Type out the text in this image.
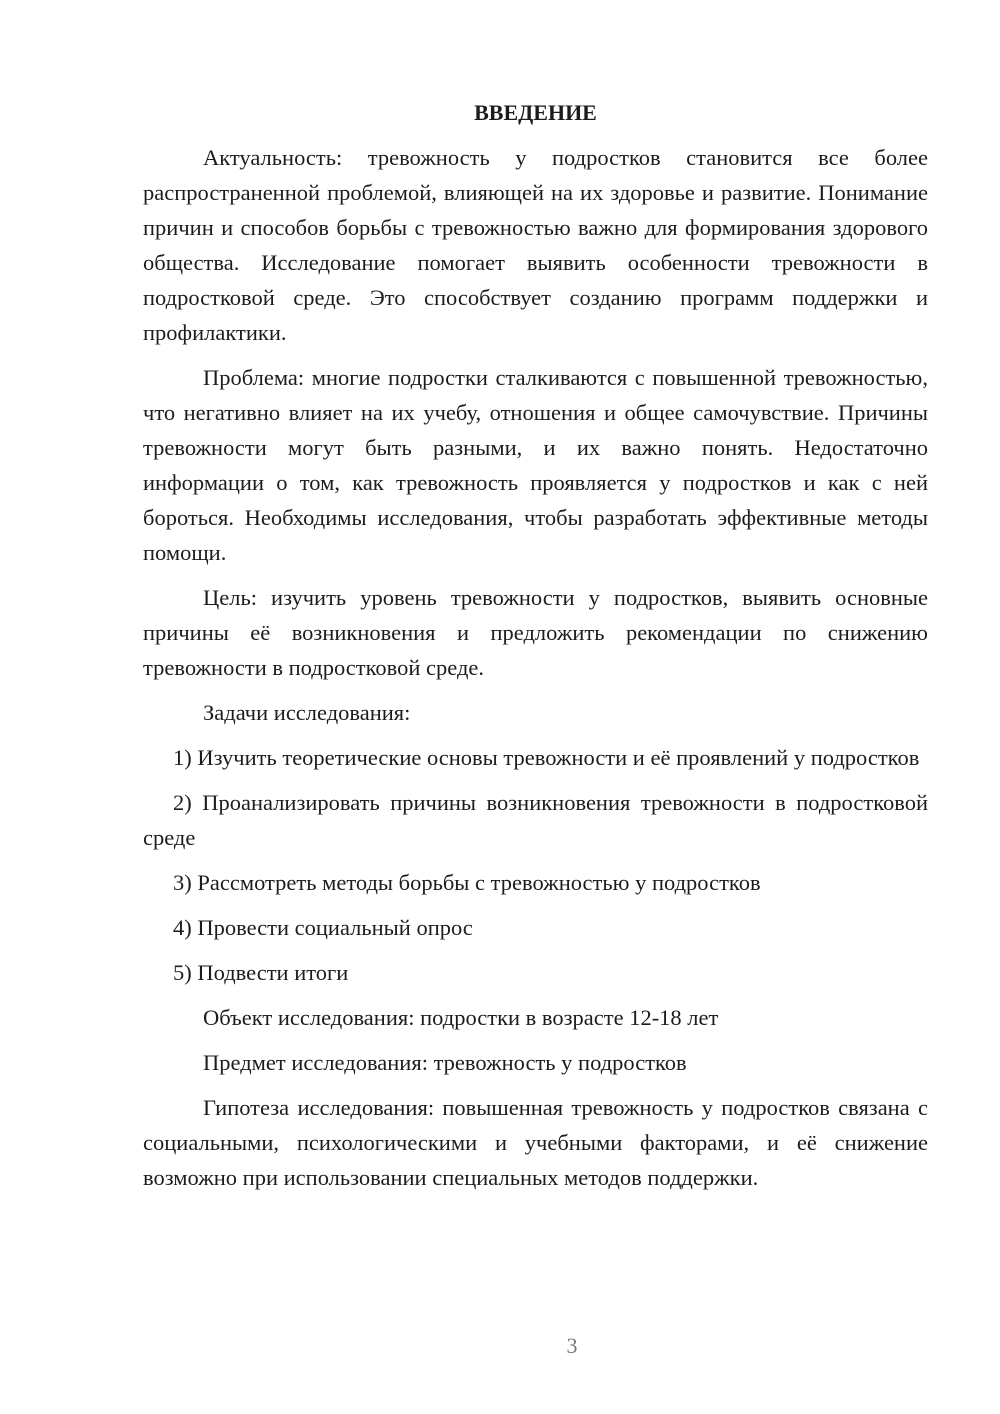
ВВЕДЕНИЕ

Актуальность: тревожность у подростков становится все более распространенной проблемой, влияющей на их здоровье и развитие. Понимание причин и способов борьбы с тревожностью важно для формирования здорового общества. Исследование помогает выявить особенности тревожности в подростковой среде. Это способствует созданию программ поддержки и профилактики.

Проблема: многие подростки сталкиваются с повышенной тревожностью, что негативно влияет на их учебу, отношения и общее самочувствие. Причины тревожности могут быть разными, и их важно понять. Недостаточно информации о том, как тревожность проявляется у подростков и как с ней бороться. Необходимы исследования, чтобы разработать эффективные методы помощи.

Цель: изучить уровень тревожности у подростков, выявить основные причины её возникновения и предложить рекомендации по снижению тревожности в подростковой среде.

Задачи исследования:

1) Изучить теоретические основы тревожности и её проявлений у подростков

2) Проанализировать причины возникновения тревожности в подростковой среде

3) Рассмотреть методы борьбы с тревожностью у подростков

4) Провести социальный опрос

5) Подвести итоги

Объект исследования: подростки в возрасте 12-18 лет

Предмет исследования: тревожность у подростков

Гипотеза исследования: повышенная тревожность у подростков связана с социальными, психологическими и учебными факторами, и её снижение возможно при использовании специальных методов поддержки.

3
